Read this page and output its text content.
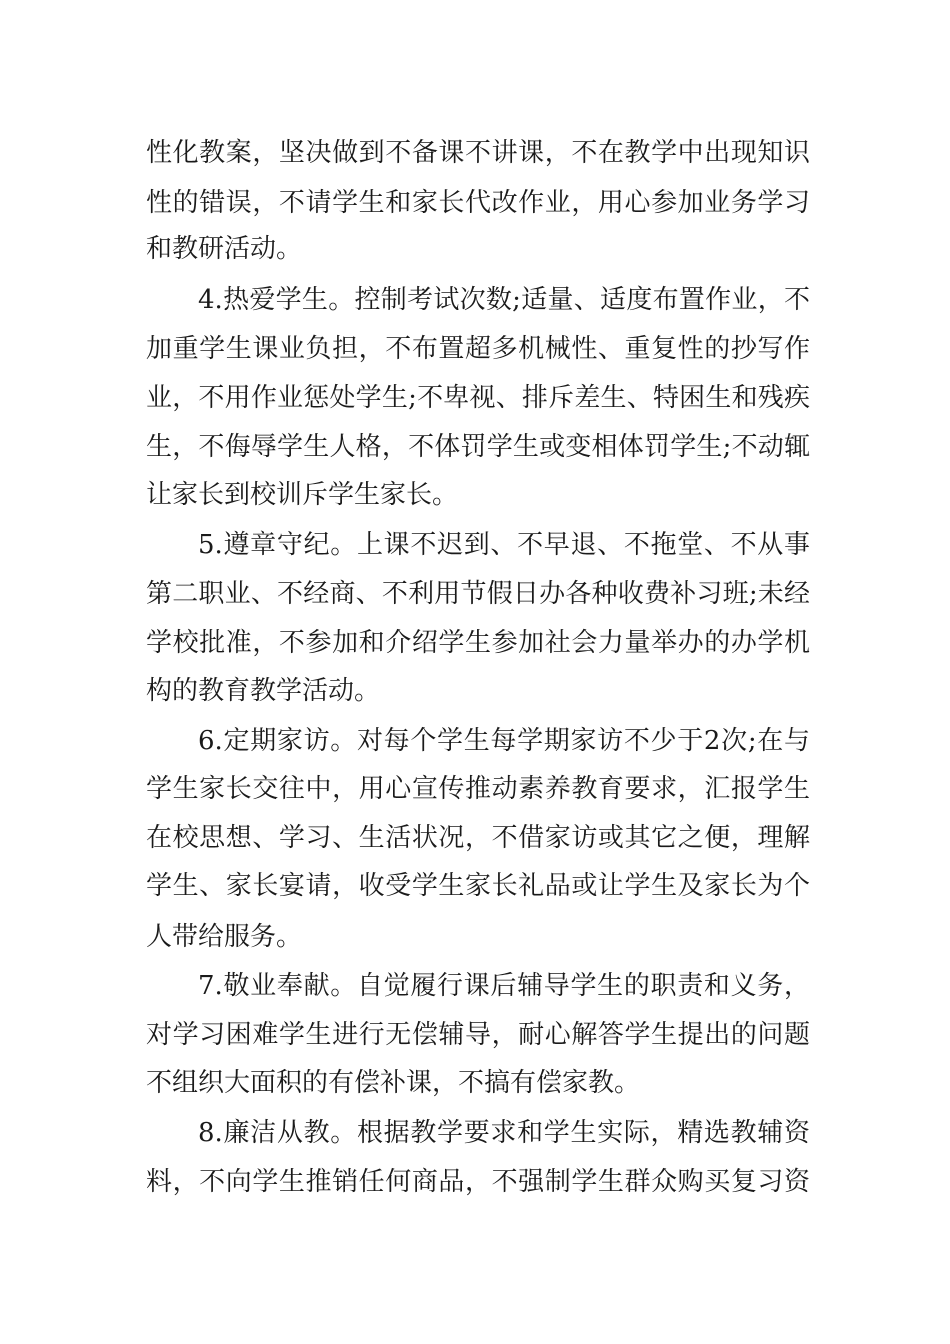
性化教案，坚决做到不备课不讲课，不在教学中出现知识
性的错误，不请学生和家长代改作业，用心参加业务学习
和教研活动。
4.热爱学生。控制考试次数;适量、适度布置作业，不
加重学生课业负担，不布置超多机械性、重复性的抄写作
业，不用作业惩处学生;不卑视、排斥差生、特困生和残疾
生，不侮辱学生人格，不体罚学生或变相体罚学生;不动辄
让家长到校训斥学生家长。
5.遵章守纪。上课不迟到、不早退、不拖堂、不从事
第二职业、不经商、不利用节假日办各种收费补习班;未经
学校批准，不参加和介绍学生参加社会力量举办的办学机
构的教育教学活动。
6.定期家访。对每个学生每学期家访不少于2次;在与
学生家长交往中，用心宣传推动素养教育要求，汇报学生
在校思想、学习、生活状况，不借家访或其它之便，理解
学生、家长宴请，收受学生家长礼品或让学生及家长为个
人带给服务。
7.敬业奉献。自觉履行课后辅导学生的职责和义务，
对学习困难学生进行无偿辅导，耐心解答学生提出的问题
不组织大面积的有偿补课，不搞有偿家教。
8.廉洁从教。根据教学要求和学生实际，精选教辅资
料，不向学生推销任何商品，不强制学生群众购买复习资
